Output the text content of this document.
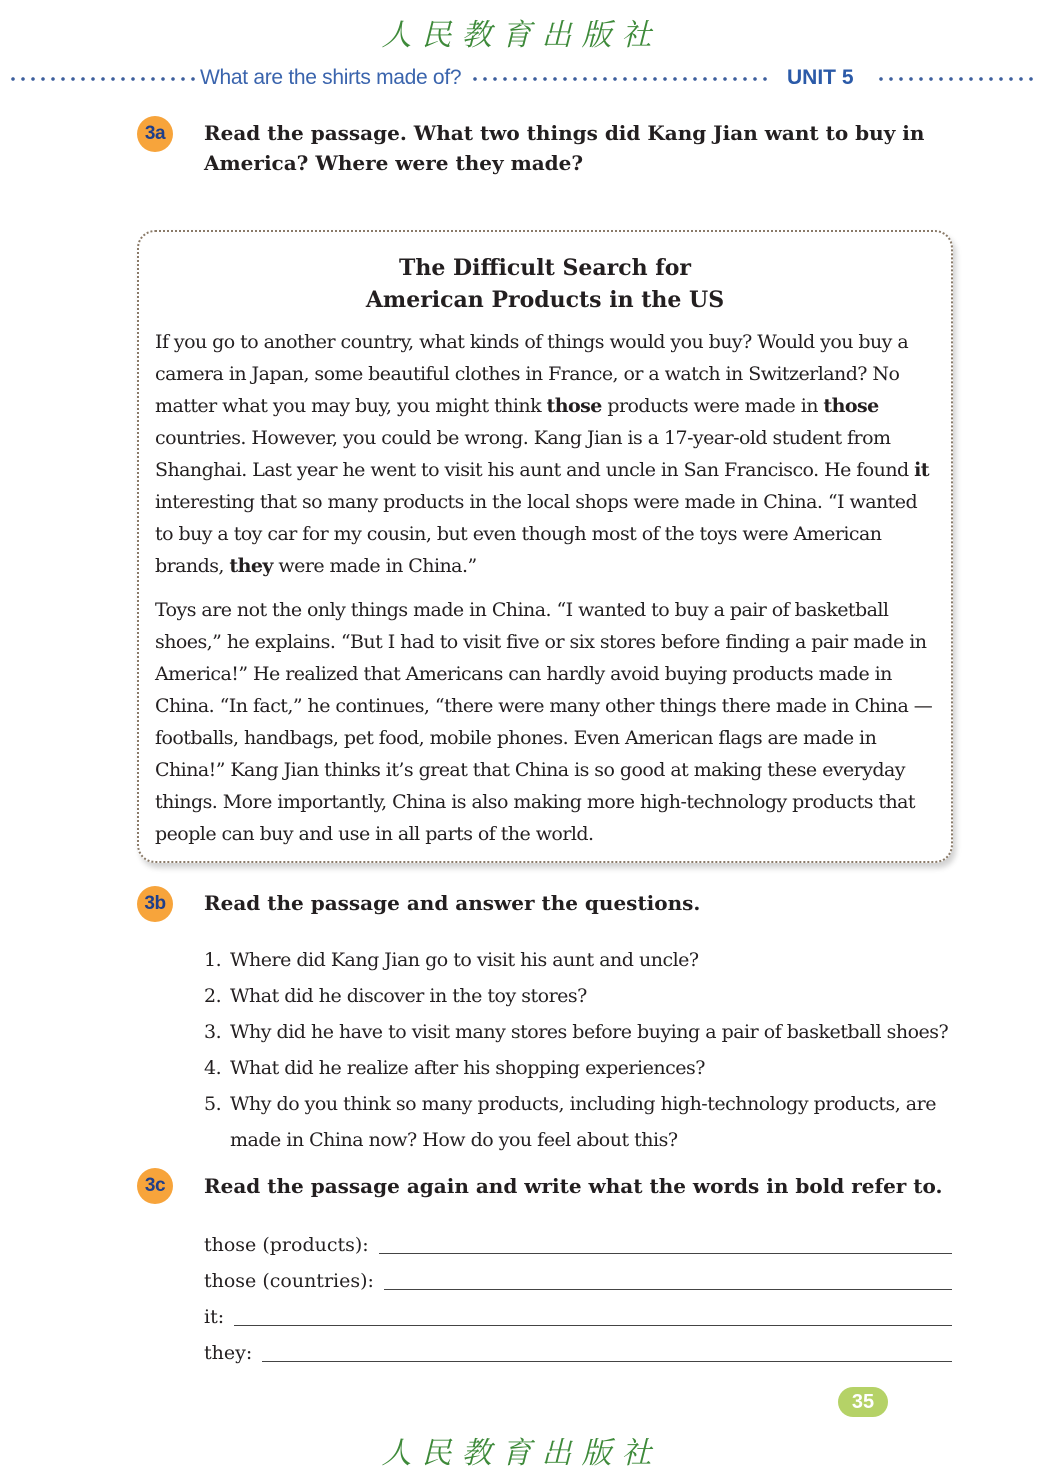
人民教育出版社
What are the shirts made of?	UNIT 5
3a	Read the passage. What two things did Kang Jian want to buy in
America? Where were they made?
The Difficult Search for
American Products in the US

If you go to another country, what kinds of things would you buy? Would you buy a camera in Japan, some beautiful clothes in France, or a watch in Switzerland? No matter what you may buy, you might think those products were made in those countries. However, you could be wrong. Kang Jian is a 17-year-old student from Shanghai. Last year he went to visit his aunt and uncle in San Francisco. He found it interesting that so many products in the local shops were made in China. “I wanted to buy a toy car for my cousin, but even though most of the toys were American brands, they were made in China.”

Toys are not the only things made in China. “I wanted to buy a pair of basketball shoes,” he explains. “But I had to visit five or six stores before finding a pair made in America!” He realized that Americans can hardly avoid buying products made in China. “In fact,” he continues, “there were many other things there made in China — footballs, handbags, pet food, mobile phones. Even American flags are made in China!” Kang Jian thinks it’s great that China is so good at making these everyday things. More importantly, China is also making more high-technology products that people can buy and use in all parts of the world.

3b	Read the passage and answer the questions.
1. Where did Kang Jian go to visit his aunt and uncle?
2. What did he discover in the toy stores?
3. Why did he have to visit many stores before buying a pair of basketball shoes?
4. What did he realize after his shopping experiences?
5. Why do you think so many products, including high-technology products, are made in China now? How do you feel about this?
3c	Read the passage again and write what the words in bold refer to.
those (products):
those (countries):
it:
they:
35
人民教育出版社
